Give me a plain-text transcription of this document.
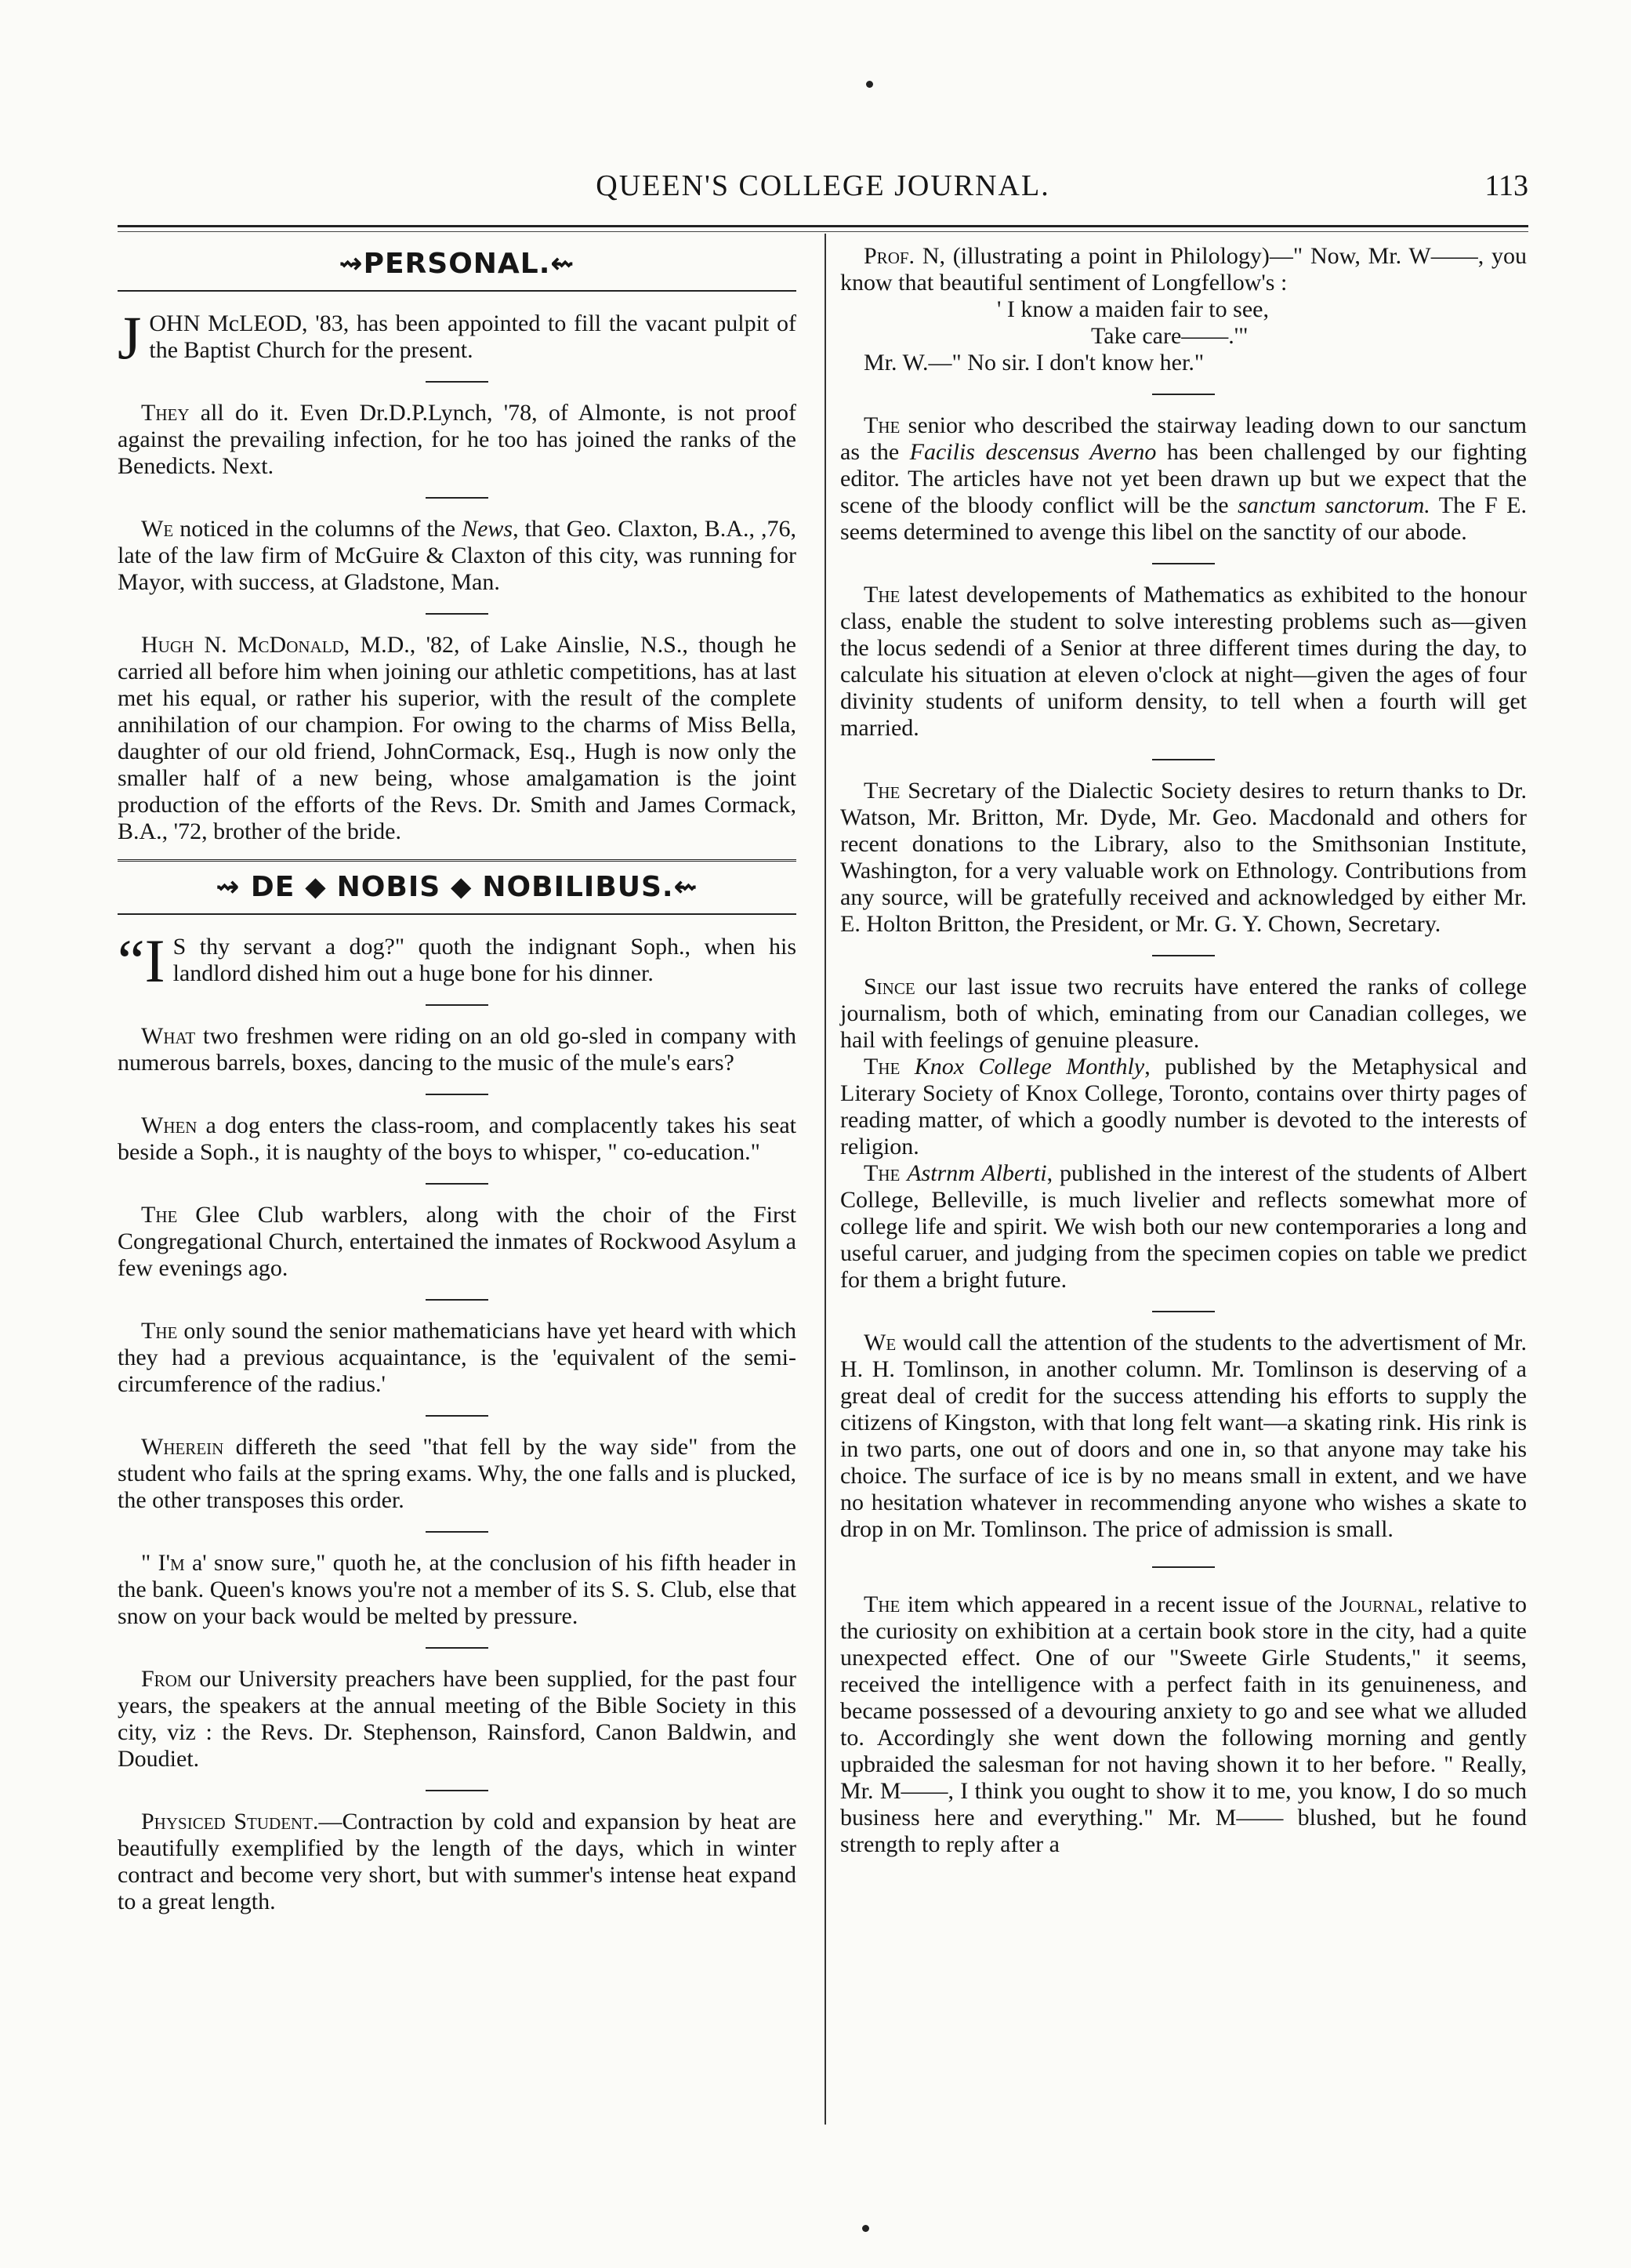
QUEEN'S COLLEGE JOURNAL.	113
⇝PERSONAL.⇜

JOHN McLEOD, '83, has been appointed to fill the vacant pulpit of the Baptist Church for the present.

They all do it. Even Dr.D.P.Lynch, '78, of Almonte, is not proof against the prevailing infection, for he too has joined the ranks of the Benedicts. Next.

We noticed in the columns of the News, that Geo. Claxton, B.A., ,76, late of the law firm of McGuire & Claxton of this city, was running for Mayor, with success, at Gladstone, Man.

Hugh N. McDonald, M.D., '82, of Lake Ainslie, N.S., though he carried all before him when joining our athletic competitions, has at last met his equal, or rather his superior, with the result of the complete annihilation of our champion. For owing to the charms of Miss Bella, daughter of our old friend, JohnCormack, Esq., Hugh is now only the smaller half of a new being, whose amalgamation is the joint production of the efforts of the Revs. Dr. Smith and James Cormack, B.A., '72, brother of the bride.

⇝ DE ⬥ NOBIS ⬥ NOBILIBUS.⇜

“I S thy servant a dog?" quoth the indignant Soph., when his landlord dished him out a huge bone for his dinner.

What two freshmen were riding on an old go-sled in company with numerous barrels, boxes, dancing to the music of the mule's ears?

When a dog enters the class-room, and complacently takes his seat beside a Soph., it is naughty of the boys to whisper, " co-education."

The Glee Club warblers, along with the choir of the First Congregational Church, entertained the inmates of Rockwood Asylum a few evenings ago.

The only sound the senior mathematicians have yet heard with which they had a previous acquaintance, is the 'equivalent of the semi-circumference of the radius.'

Wherein differeth the seed "that fell by the way side" from the student who fails at the spring exams. Why, the one falls and is plucked, the other transposes this order.

" I'm a' snow sure," quoth he, at the conclusion of his fifth header in the bank. Queen's knows you're not a member of its S. S. Club, else that snow on your back would be melted by pressure.

From our University preachers have been supplied, for the past four years, the speakers at the annual meeting of the Bible Society in this city, viz : the Revs. Dr. Stephenson, Rainsford, Canon Baldwin, and Doudiet.

Physiced Student.—Contraction by cold and expansion by heat are beautifully exemplified by the length of the days, which in winter contract and become very short, but with summer's intense heat expand to a great length.

Prof. N, (illustrating a point in Philology)—" Now, Mr. W——, you know that beautiful sentiment of Longfellow's :

' I know a maiden fair to see,

Take care——.'"

Mr. W.—" No sir. I don't know her."

The senior who described the stairway leading down to our sanctum as the Facilis descensus Averno has been challenged by our fighting editor. The articles have not yet been drawn up but we expect that the scene of the bloody conflict will be the sanctum sanctorum. The F E. seems determined to avenge this libel on the sanctity of our abode.

The latest developements of Mathematics as exhibited to the honour class, enable the student to solve interesting problems such as—given the locus sedendi of a Senior at three different times during the day, to calculate his situation at eleven o'clock at night—given the ages of four divinity students of uniform density, to tell when a fourth will get married.

The Secretary of the Dialectic Society desires to return thanks to Dr. Watson, Mr. Britton, Mr. Dyde, Mr. Geo. Macdonald and others for recent donations to the Library, also to the Smithsonian Institute, Washington, for a very valuable work on Ethnology. Contributions from any source, will be gratefully received and acknowledged by either Mr. E. Holton Britton, the President, or Mr. G. Y. Chown, Secretary.

Since our last issue two recruits have entered the ranks of college journalism, both of which, eminating from our Canadian colleges, we hail with feelings of genuine pleasure.

The Knox College Monthly, published by the Metaphysical and Literary Society of Knox College, Toronto, contains over thirty pages of reading matter, of which a goodly number is devoted to the interests of religion.

The Astrnm Alberti, published in the interest of the students of Albert College, Belleville, is much livelier and reflects somewhat more of college life and spirit. We wish both our new contemporaries a long and useful caruer, and judging from the specimen copies on table we predict for them a bright future.

We would call the attention of the students to the advertisment of Mr. H. H. Tomlinson, in another column. Mr. Tomlinson is deserving of a great deal of credit for the success attending his efforts to supply the citizens of Kingston, with that long felt want—a skating rink. His rink is in two parts, one out of doors and one in, so that anyone may take his choice. The surface of ice is by no means small in extent, and we have no hesitation whatever in recommending anyone who wishes a skate to drop in on Mr. Tomlinson. The price of admission is small.

The item which appeared in a recent issue of the Journal, relative to the curiosity on exhibition at a certain book store in the city, had a quite unexpected effect. One of our "Sweete Girle Students," it seems, received the intelligence with a perfect faith in its genuineness, and became possessed of a devouring anxiety to go and see what we alluded to. Accordingly she went down the following morning and gently upbraided the salesman for not having shown it to her before. " Really, Mr. M——, I think you ought to show it to me, you know, I do so much business here and everything." Mr. M—— blushed, but he found strength to reply after a
